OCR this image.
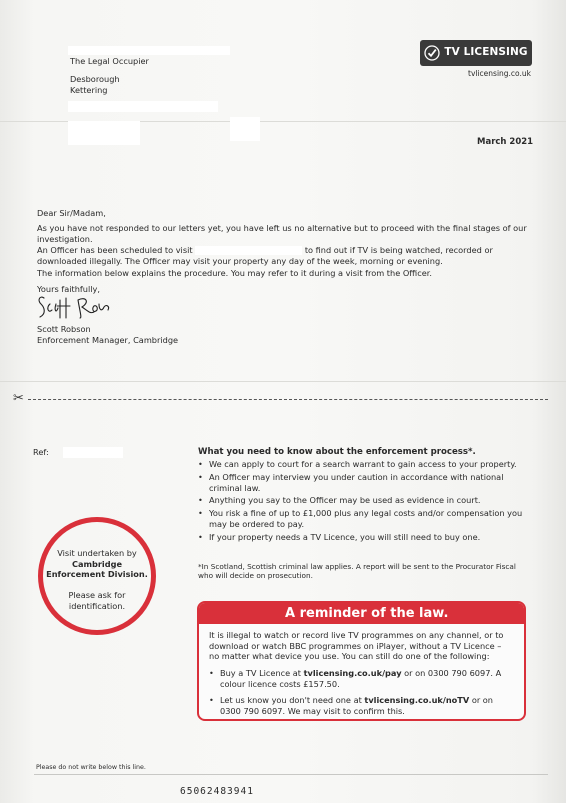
The Legal Occupier
Desborough
Kettering
TV LICENSING
tvlicensing.co.uk
March 2021
Dear Sir/Madam,
As you have not responded to our letters yet, you have left us no alternative but to proceed with the final stages of our investigation.
An Officer has been scheduled to visit	to find out if TV is being watched, recorded or downloaded illegally. The Officer may visit your property any day of the week, morning or evening.
The information below explains the procedure. You may refer to it during a visit from the Officer.
Yours faithfully,
Scott Robson
Enforcement Manager, Cambridge
✂
Ref:	What you need to know about the enforcement process*.
• We can apply to court for a search warrant to gain access to your property.
• An Officer may interview you under caution in accordance with national criminal law.
• Anything you say to the Officer may be used as evidence in court.
• You risk a fine of up to £1,000 plus any legal costs and/or compensation you may be ordered to pay.
• If your property needs a TV Licence, you will still need to buy one.
*In Scotland, Scottish criminal law applies. A report will be sent to the Procurator Fiscal who will decide on prosecution.
Visit undertaken by
Cambridge
Enforcement Division.
Please ask for
identification.
A reminder of the law.
It is illegal to watch or record live TV programmes on any channel, or to download or watch BBC programmes on iPlayer, without a TV Licence – no matter what device you use. You can still do one of the following:
• Buy a TV Licence at tvlicensing.co.uk/pay or on 0300 790 6097. A colour licence costs £157.50.
• Let us know you don't need one at tvlicensing.co.uk/noTV or on 0300 790 6097. We may visit to confirm this.
Please do not write below this line.
65062483941
